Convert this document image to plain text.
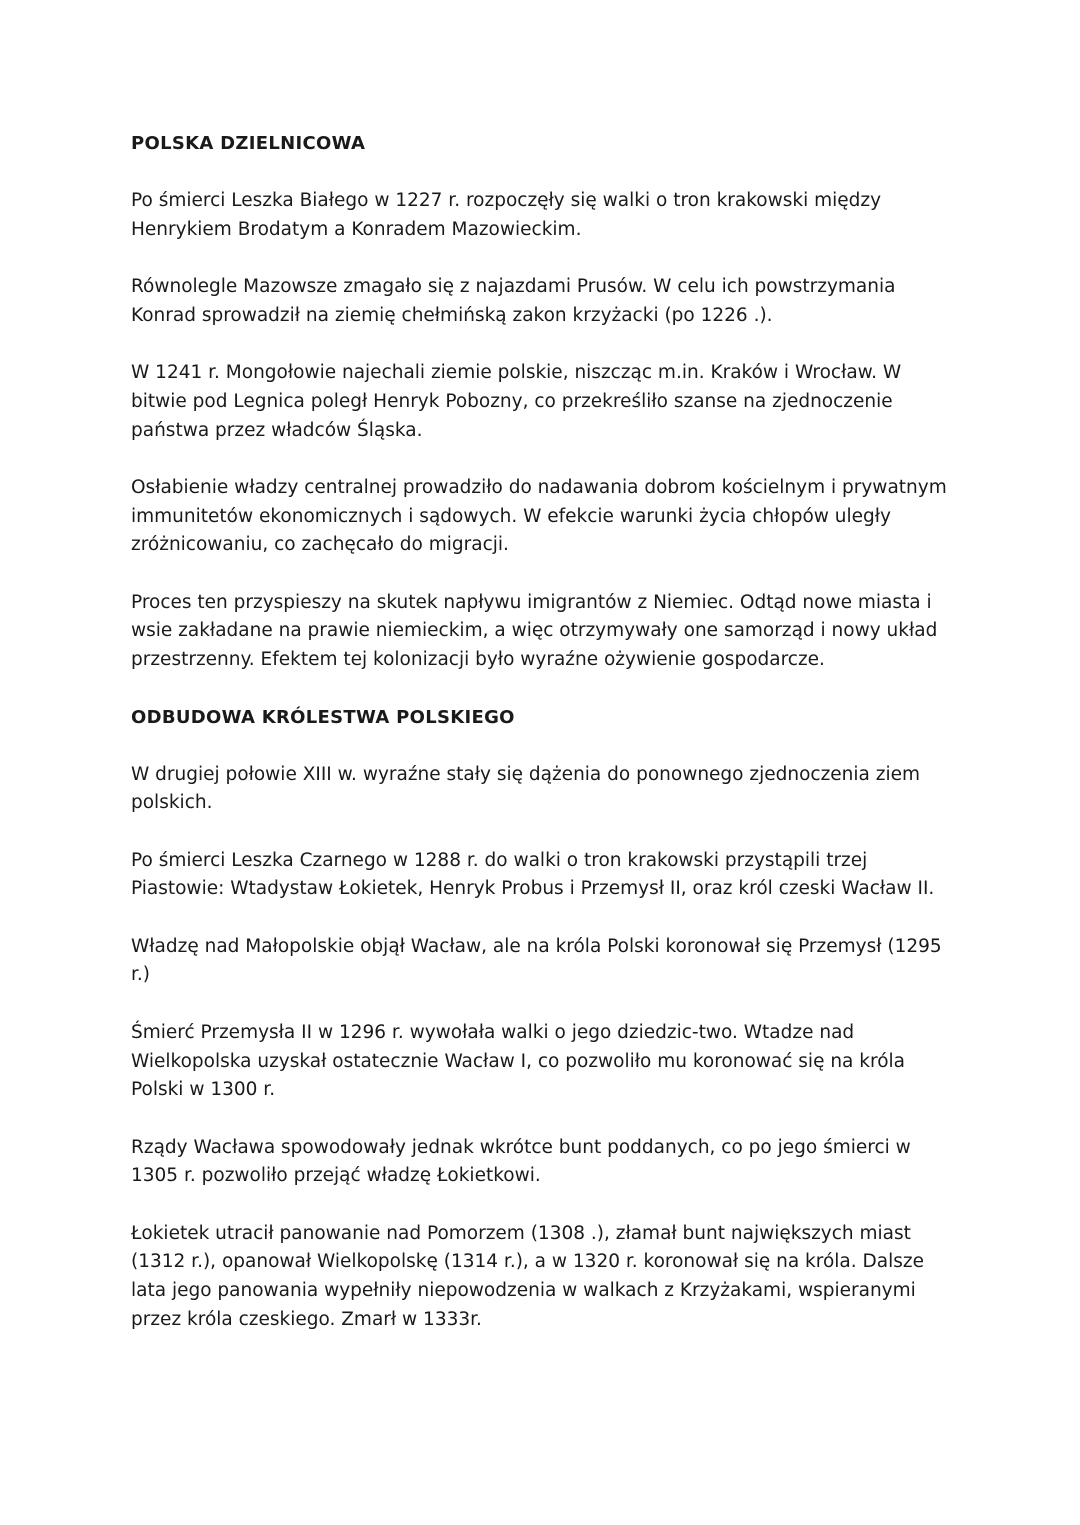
POLSKA DZIELNICOWA

Po śmierci Leszka Białego w 1227 r. rozpoczęły się walki o tron krakowski między Henrykiem Brodatym a Konradem Mazowieckim.

Równolegle Mazowsze zmagało się z najazdami Prusów. W celu ich powstrzymania Konrad sprowadził na ziemię chełmińską zakon krzyżacki (po 1226 .).

W 1241 r. Mongołowie najechali ziemie polskie, niszcząc m.in. Kraków i Wrocław. W bitwie pod Legnica poległ Henryk Pobozny, co przekreśliło szanse na zjednoczenie państwa przez władców Śląska.

Osłabienie władzy centralnej prowadziło do nadawania dobrom kościelnym i prywatnym immunitetów ekonomicznych i sądowych. W efekcie warunki życia chłopów uległy zróżnicowaniu, co zachęcało do migracji.

Proces ten przyspieszy na skutek napływu imigrantów z Niemiec. Odtąd nowe miasta i wsie zakładane na prawie niemieckim, a więc otrzymywały one samorząd i nowy układ przestrzenny. Efektem tej kolonizacji było wyraźne ożywienie gospodarcze.

ODBUDOWA KRÓLESTWA POLSKIEGO

W drugiej połowie XIII w. wyraźne stały się dążenia do ponownego zjednoczenia ziem polskich.

Po śmierci Leszka Czarnego w 1288 r. do walki o tron krakowski przystąpili trzej Piastowie: Wtadystaw Łokietek, Henryk Probus i Przemysł II, oraz król czeski Wacław II.

Władzę nad Małopolskie objął Wacław, ale na króla Polski koronował się Przemysł (1295 r.)

Śmierć Przemysła II w 1296 r. wywołała walki o jego dziedzic-two. Wtadze nad Wielkopolska uzyskał ostatecznie Wacław I, co pozwoliło mu koronować się na króla Polski w 1300 r.

Rządy Wacława spowodowały jednak wkrótce bunt poddanych, co po jego śmierci w 1305 r. pozwoliło przejąć władzę Łokietkowi.

Łokietek utracił panowanie nad Pomorzem (1308 .), złamał bunt największych miast (1312 r.), opanował Wielkopolskę (1314 r.), a w 1320 r. koronował się na króla. Dalsze lata jego panowania wypełniły niepowodzenia w walkach z Krzyżakami, wspieranymi przez króla czeskiego. Zmarł w 1333r.
